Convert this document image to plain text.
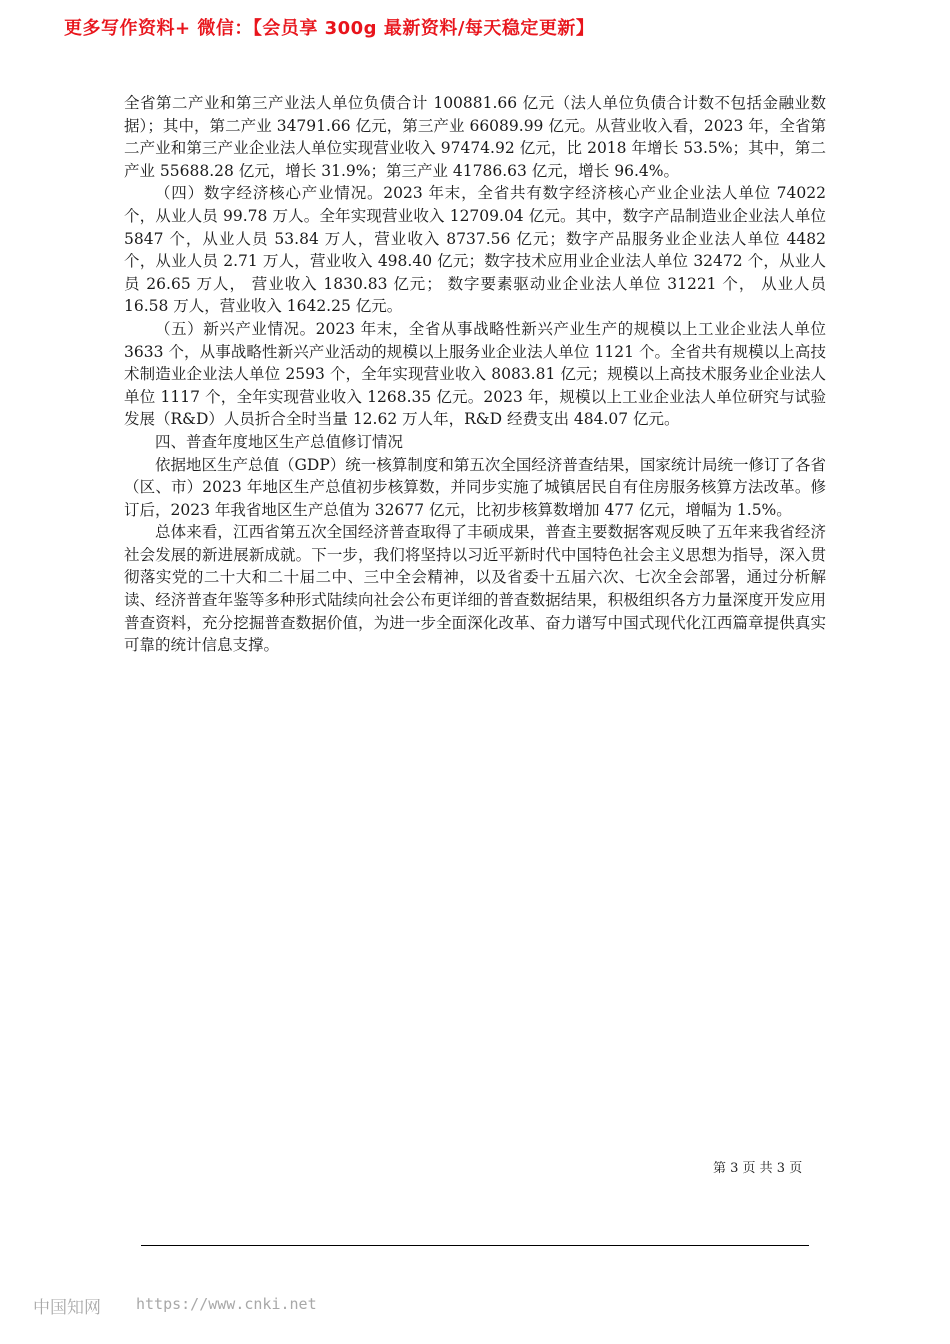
更多写作资料+ 微信：【会员享 300g 最新资料/每天稳定更新】

全省第二产业和第三产业法人单位负债合计 100881.66 亿元（法人单位负债合计数不包括金融业数据）；其中，第二产业 34791.66 亿元，第三产业 66089.99 亿元。从营业收入看，2023 年，全省第二产业和第三产业企业法人单位实现营业收入 97474.92 亿元，比 2018 年增长 53.5%；其中，第二产业 55688.28 亿元，增长 31.9%；第三产业 41786.63 亿元，增长 96.4%。

（四）数字经济核心产业情况。2023 年末，全省共有数字经济核心产业企业法人单位 74022 个，从业人员 99.78 万人。全年实现营业收入 12709.04 亿元。其中，数字产品制造业企业法人单位 5847 个，从业人员 53.84 万人，营业收入 8737.56 亿元；数字产品服务业企业法人单位 4482 个，从业人员 2.71 万人，营业收入 498.40 亿元；数字技术应用业企业法人单位 32472 个，从业人员 26.65 万人， 营业收入 1830.83 亿元； 数字要素驱动业企业法人单位 31221 个， 从业人员 16.58 万人，营业收入 1642.25 亿元。

（五）新兴产业情况。2023 年末，全省从事战略性新兴产业生产的规模以上工业企业法人单位 3633 个，从事战略性新兴产业活动的规模以上服务业企业法人单位 1121 个。全省共有规模以上高技术制造业企业法人单位 2593 个，全年实现营业收入 8083.81 亿元；规模以上高技术服务业企业法人单位 1117 个，全年实现营业收入 1268.35 亿元。2023 年，规模以上工业企业法人单位研究与试验发展（R&D）人员折合全时当量 12.62 万人年，R&D 经费支出 484.07 亿元。

四、普查年度地区生产总值修订情况

依据地区生产总值（GDP）统一核算制度和第五次全国经济普查结果，国家统计局统一修订了各省（区、市）2023 年地区生产总值初步核算数，并同步实施了城镇居民自有住房服务核算方法改革。修订后，2023 年我省地区生产总值为 32677 亿元，比初步核算数增加 477 亿元，增幅为 1.5%。

总体来看，江西省第五次全国经济普查取得了丰硕成果，普查主要数据客观反映了五年来我省经济社会发展的新进展新成就。下一步，我们将坚持以习近平新时代中国特色社会主义思想为指导，深入贯彻落实党的二十大和二十届二中、三中全会精神，以及省委十五届六次、七次全会部署，通过分析解读、经济普查年鉴等多种形式陆续向社会公布更详细的普查数据结果，积极组织各方力量深度开发应用普查资料，充分挖掘普查数据价值，为进一步全面深化改革、奋力谱写中国式现代化江西篇章提供真实可靠的统计信息支撑。

第 3 页 共 3 页
中国知网 https://www.cnki.net
